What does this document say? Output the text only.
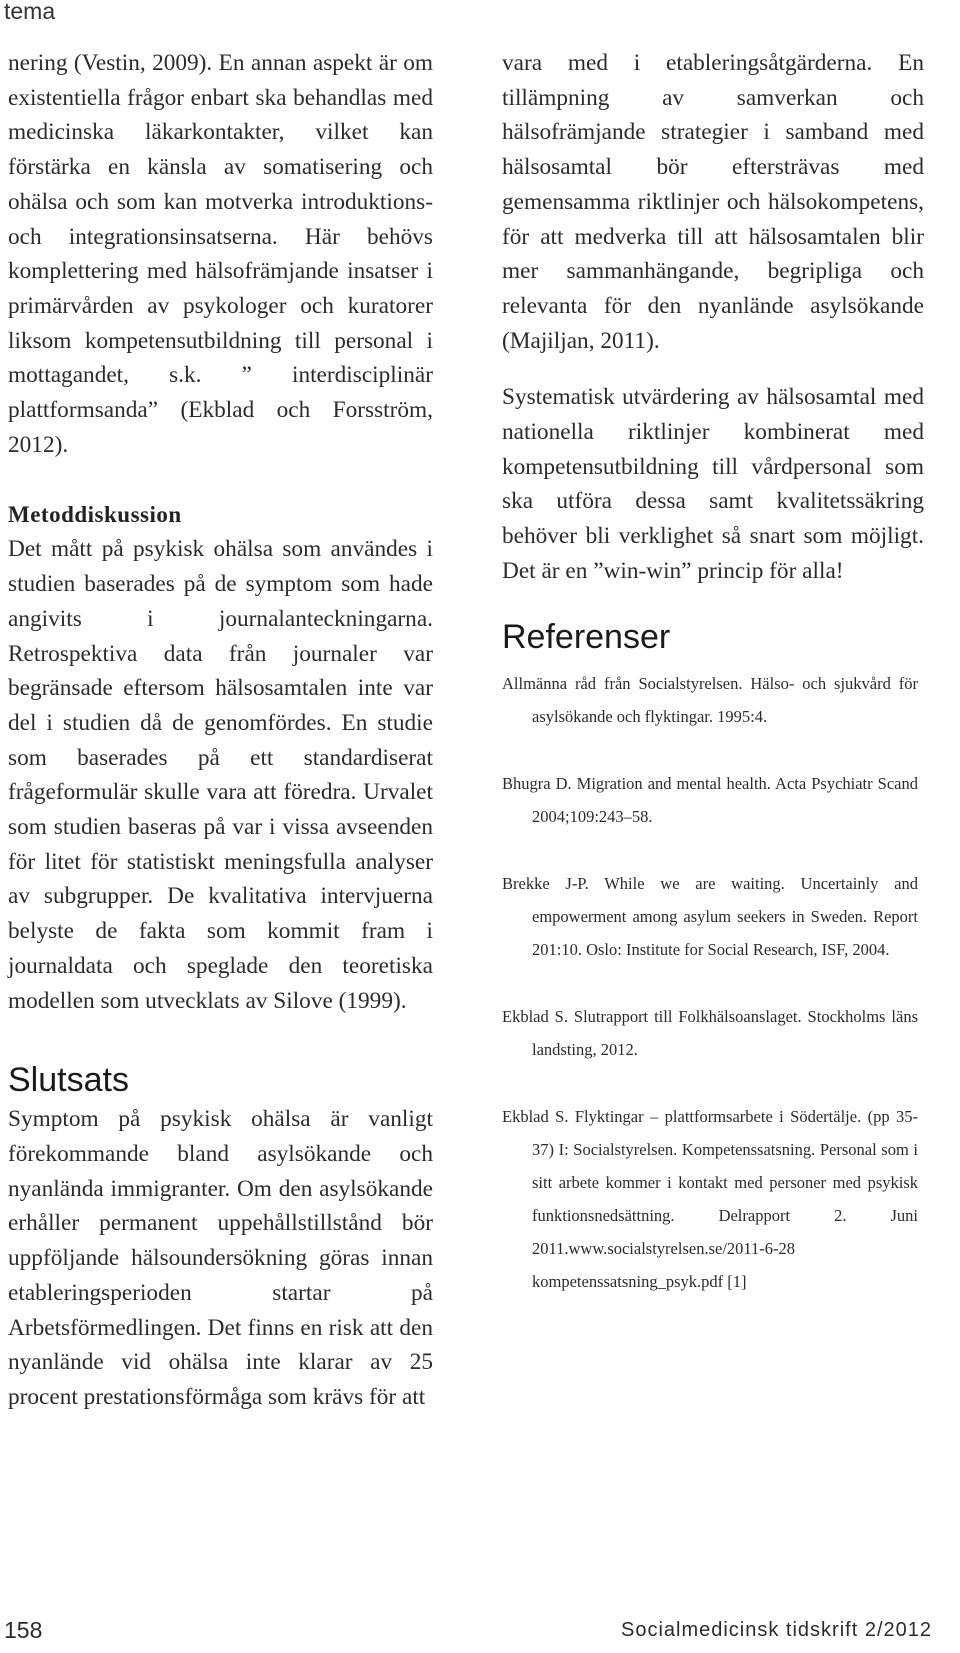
tema

nering (Vestin, 2009). En annan aspekt är om existentiella frågor enbart ska behandlas med medicinska läkarkontakter, vilket kan förstärka en känsla av somatisering och ohälsa och som kan motverka introduktions- och integrationsinsatserna. Här behövs komplettering med hälsofrämjande insatser i primärvården av psykologer och kuratorer liksom kompetensutbildning till personal i mottagandet, s.k. ” interdisciplinär plattformsanda” (Ekblad och Forsström, 2012).

Metoddiskussion

Det mått på psykisk ohälsa som användes i studien baserades på de symptom som hade angivits i journalanteckningarna. Retrospektiva data från journaler var begränsade eftersom hälsosamtalen inte var del i studien då de genomfördes. En studie som baserades på ett standardiserat frågeformulär skulle vara att föredra. Urvalet som studien baseras på var i vissa avseenden för litet för statistiskt meningsfulla analyser av subgrupper. De kvalitativa intervjuerna belyste de fakta som kommit fram i journaldata och speglade den teoretiska modellen som utvecklats av Silove (1999).

Slutsats

Symptom på psykisk ohälsa är vanligt förekommande bland asylsökande och nyanlända immigranter. Om den asylsökande erhåller permanent uppehållstillstånd bör uppföljande hälsoundersökning göras innan etableringsperioden startar på Arbetsförmedlingen. Det finns en risk att den nyanlände vid ohälsa inte klarar av 25 procent prestationsförmåga som krävs för att

vara med i etableringsåtgärderna. En tillämpning av samverkan och hälsofrämjande strategier i samband med hälsosamtal bör eftersträvas med gemensamma riktlinjer och hälsokompetens, för att medverka till att hälsosamtalen blir mer sammanhängande, begripliga och relevanta för den nyanlände asylsökande (Majiljan, 2011).

Systematisk utvärdering av hälsosamtal med nationella riktlinjer kombinerat med kompetensutbildning till vårdpersonal som ska utföra dessa samt kvalitetssäkring behöver bli verklighet så snart som möjligt. Det är en ”win-win” princip för alla!

Referenser
Allmänna råd från Socialstyrelsen. Hälso- och sjukvård för asylsökande och flyktingar. 1995:4.
Bhugra D. Migration and mental health. Acta Psychiatr Scand 2004;109:243–58.
Brekke J-P. While we are waiting. Uncertainly and empowerment among asylum seekers in Sweden. Report 201:10. Oslo: Institute for Social Research, ISF, 2004.
Ekblad S. Slutrapport till Folkhälsoanslaget. Stockholms läns landsting, 2012.
Ekblad S. Flyktingar – plattformsarbete i Södertälje. (pp 35-37) I: Socialstyrelsen. Kompetenssatsning. Personal som i sitt arbete kommer i kontakt med personer med psykisk funktionsnedsättning. Delrapport 2. Juni 2011.www.socialstyrelsen.se/2011-6-28 kompetenssatsning_psyk.pdf [1]
158	Socialmedicinsk tidskrift 2/2012
